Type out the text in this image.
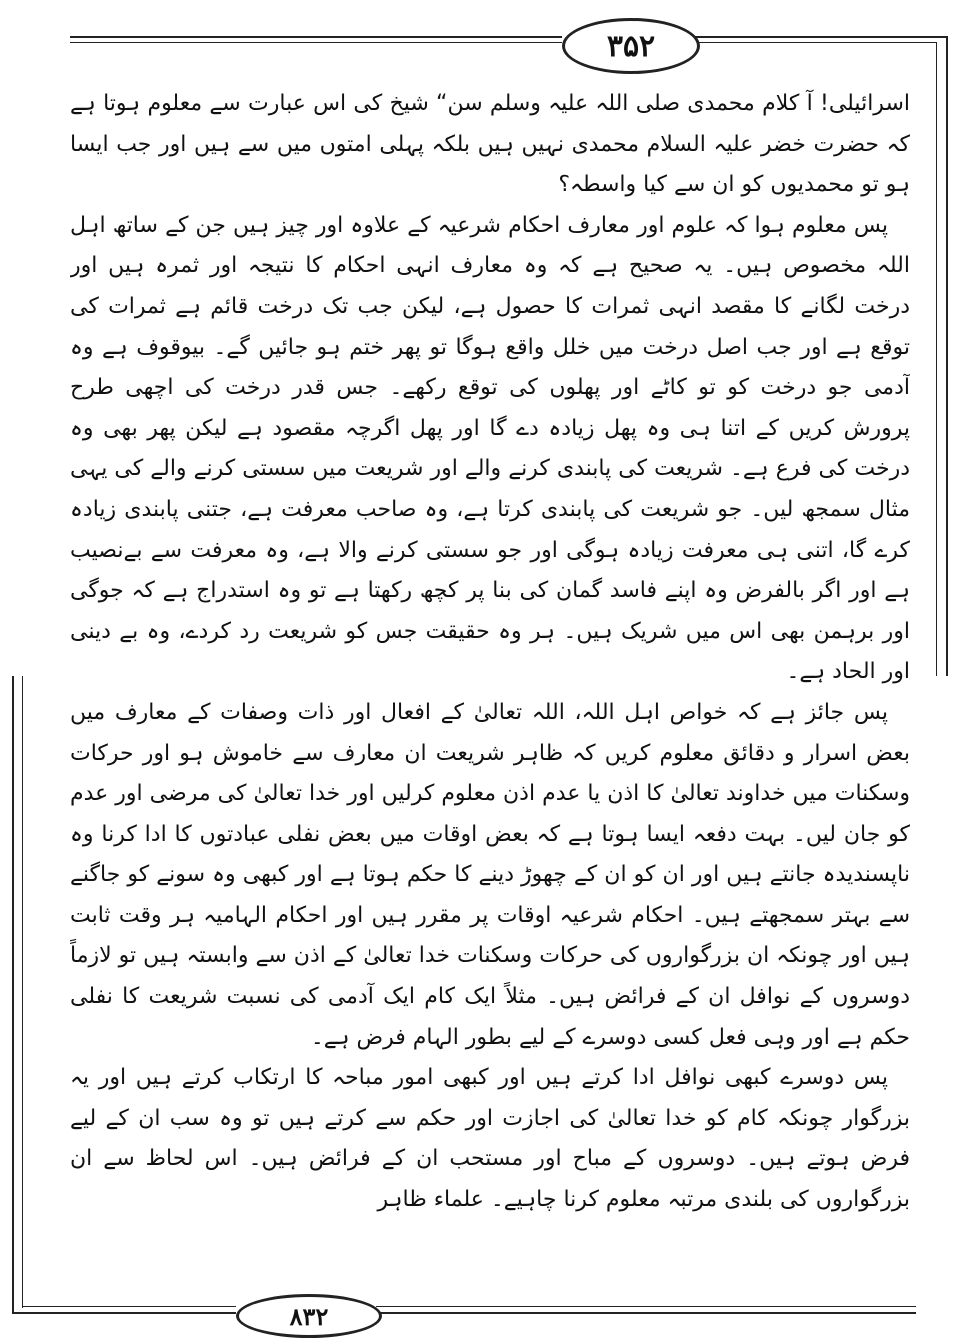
۳۵۲

اسرائیلی! آ کلام محمدی صلی اللہ علیہ وسلم سن“ شیخ کی اس عبارت سے معلوم ہوتا ہے کہ حضرت خضر علیہ السلام محمدی نہیں ہیں بلکہ پہلی امتوں میں سے ہیں اور جب ایسا ہو تو محمدیوں کو ان سے کیا واسطہ؟

پس معلوم ہوا کہ علوم اور معارف احکام شرعیہ کے علاوہ اور چیز ہیں جن کے ساتھ اہل اللہ مخصوص ہیں۔ یہ صحیح ہے کہ وہ معارف انہی احکام کا نتیجہ اور ثمرہ ہیں اور درخت لگانے کا مقصد انہی ثمرات کا حصول ہے، لیکن جب تک درخت قائم ہے ثمرات کی توقع ہے اور جب اصل درخت میں خلل واقع ہوگا تو پھر ختم ہو جائیں گے۔ بیوقوف ہے وہ آدمی جو درخت کو تو کاٹے اور پھلوں کی توقع رکھے۔ جس قدر درخت کی اچھی طرح پرورش کریں کے اتنا ہی وہ پھل زیادہ دے گا اور پھل اگرچہ مقصود ہے لیکن پھر بھی وہ درخت کی فرع ہے۔ شریعت کی پابندی کرنے والے اور شریعت میں سستی کرنے والے کی یہی مثال سمجھ لیں۔ جو شریعت کی پابندی کرتا ہے، وہ صاحب معرفت ہے، جتنی پابندی زیادہ کرے گا، اتنی ہی معرفت زیادہ ہوگی اور جو سستی کرنے والا ہے، وہ معرفت سے بےنصیب ہے اور اگر بالفرض وہ اپنے فاسد گمان کی بنا پر کچھ رکھتا ہے تو وہ استدراج ہے کہ جوگی اور برہمن بھی اس میں شریک ہیں۔ ہر وہ حقیقت جس کو شریعت رد کردے، وہ بے دینی اور الحاد ہے۔

پس جائز ہے کہ خواص اہل اللہ، اللہ تعالیٰ کے افعال اور ذات وصفات کے معارف میں بعض اسرار و دقائق معلوم کریں کہ ظاہر شریعت ان معارف سے خاموش ہو اور حرکات وسکنات میں خداوند تعالیٰ کا اذن یا عدم اذن معلوم کرلیں اور خدا تعالیٰ کی مرضی اور عدم کو جان لیں۔ بہت دفعہ ایسا ہوتا ہے کہ بعض اوقات میں بعض نفلی عبادتوں کا ادا کرنا وہ ناپسندیدہ جانتے ہیں اور ان کو ان کے چھوڑ دینے کا حکم ہوتا ہے اور کبھی وہ سونے کو جاگنے سے بہتر سمجھتے ہیں۔ احکام شرعیہ اوقات پر مقرر ہیں اور احکام الہامیہ ہر وقت ثابت ہیں اور چونکہ ان بزرگواروں کی حرکات وسکنات خدا تعالیٰ کے اذن سے وابستہ ہیں تو لازماً دوسروں کے نوافل ان کے فرائض ہیں۔ مثلاً ایک کام ایک آدمی کی نسبت شریعت کا نفلی حکم ہے اور وہی فعل کسی دوسرے کے لیے بطور الہام فرض ہے۔

پس دوسرے کبھی نوافل ادا کرتے ہیں اور کبھی امور مباحہ کا ارتکاب کرتے ہیں اور یہ بزرگوار چونکہ کام کو خدا تعالیٰ کی اجازت اور حکم سے کرتے ہیں تو وہ سب ان کے لیے فرض ہوتے ہیں۔ دوسروں کے مباح اور مستحب ان کے فرائض ہیں۔ اس لحاظ سے ان بزرگواروں کی بلندی مرتبہ معلوم کرنا چاہیے۔ علماء ظاہر

۸۳۲
